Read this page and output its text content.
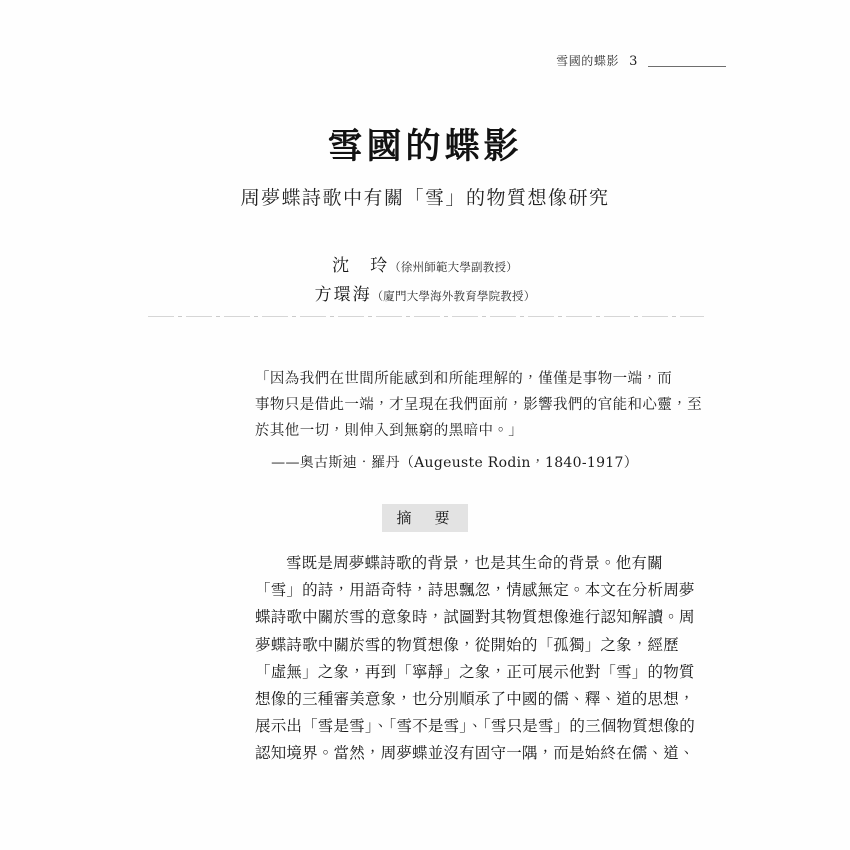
雪國的蝶影 3
雪國的蝶影
周夢蝶詩歌中有關「雪」的物質想像研究
沈　玲（徐州師範大學副教授）
方環海（廈門大學海外教育學院教授）
「因為我們在世間所能感到和所能理解的，僅僅是事物一端，而
事物只是借此一端，才呈現在我們面前，影響我們的官能和心靈，至
於其他一切，則伸入到無窮的黑暗中。」
——奧古斯迪‧羅丹（Augeuste Rodin，1840-1917）
摘　要
雪既是周夢蝶詩歌的背景，也是其生命的背景。他有關
「雪」的詩，用語奇特，詩思飄忽，情感無定。本文在分析周夢
蝶詩歌中關於雪的意象時，試圖對其物質想像進行認知解讀。周
夢蝶詩歌中關於雪的物質想像，從開始的「孤獨」之象，經歷
「虛無」之象，再到「寧靜」之象，正可展示他對「雪」的物質
想像的三種審美意象，也分別順承了中國的儒、釋、道的思想，
展示出「雪是雪」、「雪不是雪」、「雪只是雪」的三個物質想像的
認知境界。當然，周夢蝶並沒有固守一隅，而是始終在儒、道、
